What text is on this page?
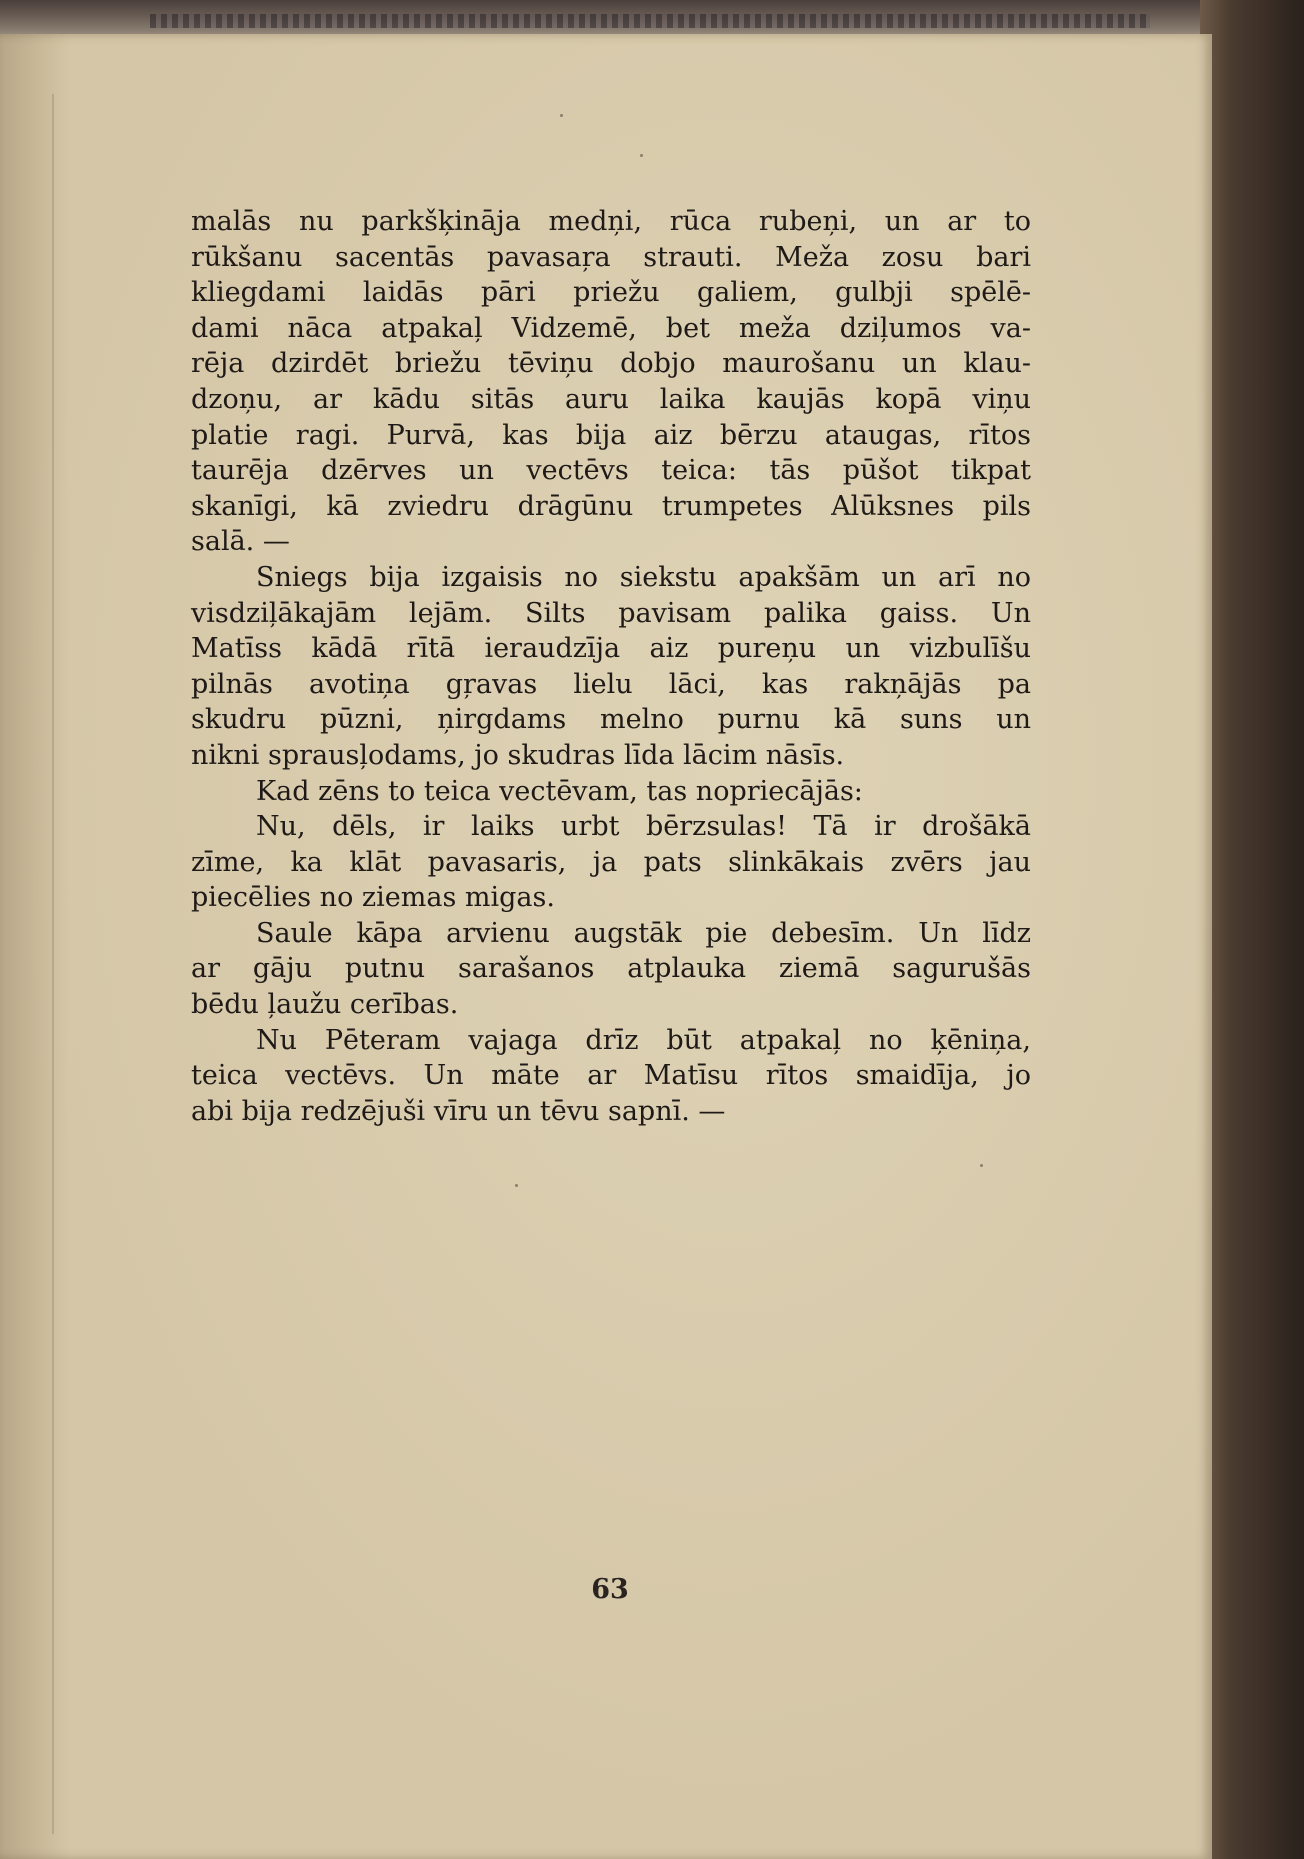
malās nu parkšķināja medņi, rūca rubeņi, un ar to
rūkšanu sacentās pavasaŗa strauti. Meža zosu bari
kliegdami laidās pāri priežu galiem, gulbji spēlē-
dami nāca atpakaļ Vidzemē, bet meža dziļumos va-
rēja dzirdēt briežu tēviņu dobjo maurošanu un klau-
dzoņu, ar kādu sitās auru laika kaujās kopā viņu
platie ragi. Purvā, kas bija aiz bērzu ataugas, rītos
taurēja dzērves un vectēvs teica: tās pūšot tikpat
skanīgi, kā zviedru drāgūnu trumpetes Alūksnes pils
salā. —
Sniegs bija izgaisis no siekstu apakšām un arī no
visdziļākajām lejām. Silts pavisam palika gaiss. Un
Matīss kādā rītā ieraudzīja aiz pureņu un vizbulīšu
pilnās avotiņa gŗavas lielu lāci, kas rakņājās pa
skudru pūzni, ņirgdams melno purnu kā suns un
nikni sprausļodams, jo skudras līda lācim nāsīs.
Kad zēns to teica vectēvam, tas nopriecājās:
Nu, dēls, ir laiks urbt bērzsulas! Tā ir drošākā
zīme, ka klāt pavasaris, ja pats slinkākais zvērs jau
piecēlies no ziemas migas.
Saule kāpa arvienu augstāk pie debesīm. Un līdz
ar gāju putnu sarašanos atplauka ziemā sagurušās
bēdu ļaužu cerības.
Nu Pēteram vajaga drīz būt atpakaļ no ķēniņa,
teica vectēvs. Un māte ar Matīsu rītos smaidīja, jo
abi bija redzējuši vīru un tēvu sapnī. —
63
